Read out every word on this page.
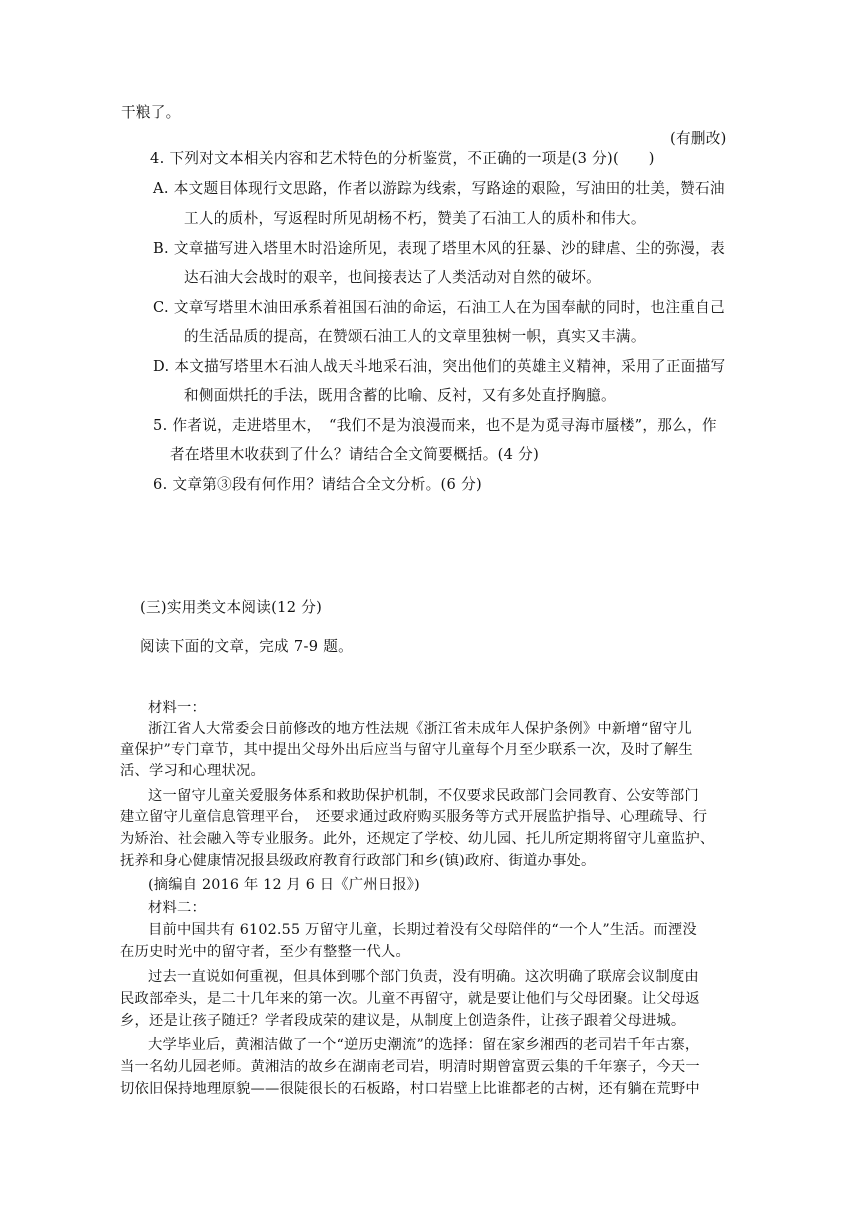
干粮了。
(有删改)
4. 下列对文本相关内容和艺术特色的分析鉴赏，不正确的一项是(3 分)(　　)
A. 本文题目体现行文思路，作者以游踪为线索，写路途的艰险，写油田的壮美，赞石油
工人的质朴，写返程时所见胡杨不朽，赞美了石油工人的质朴和伟大。
B. 文章描写进入塔里木时沿途所见，表现了塔里木风的狂暴、沙的肆虐、尘的弥漫，表
达石油大会战时的艰辛，也间接表达了人类活动对自然的破坏。
C. 文章写塔里木油田承系着祖国石油的命运，石油工人在为国奉献的同时，也注重自己
的生活品质的提高，在赞颂石油工人的文章里独树一帜，真实又丰满。
D. 本文描写塔里木石油人战天斗地采石油，突出他们的英雄主义精神，采用了正面描写
和侧面烘托的手法，既用含蓄的比喻、反衬，又有多处直抒胸臆。
5. 作者说，走进塔里木，　“我们不是为浪漫而来，也不是为觅寻海市蜃楼”，那么，作
者在塔里木收获到了什么？请结合全文简要概括。(4 分)
6. 文章第③段有何作用？请结合全文分析。(6 分)
(三)实用类文本阅读(12 分)
阅读下面的文章，完成 7-9 题。
材料一：
浙江省人大常委会日前修改的地方性法规《浙江省未成年人保护条例》中新增“留守儿
童保护”专门章节，其中提出父母外出后应当与留守儿童每个月至少联系一次，及时了解生
活、学习和心理状况。
这一留守儿童关爱服务体系和救助保护机制，不仅要求民政部门会同教育、公安等部门
建立留守儿童信息管理平台，　还要求通过政府购买服务等方式开展监护指导、心理疏导、行
为矫治、社会融入等专业服务。此外，还规定了学校、幼儿园、托儿所定期将留守儿童监护、
抚养和身心健康情况报县级政府教育行政部门和乡(镇)政府、街道办事处。
(摘编自 2016 年 12 月 6 日《广州日报》)
材料二：
目前中国共有 6102.55 万留守儿童，长期过着没有父母陪伴的“一个人”生活。而湮没
在历史时光中的留守者，至少有整整一代人。
过去一直说如何重视，但具体到哪个部门负责，没有明确。这次明确了联席会议制度由
民政部牵头，是二十几年来的第一次。儿童不再留守，就是要让他们与父母团聚。让父母返
乡，还是让孩子随迁？学者段成荣的建议是，从制度上创造条件，让孩子跟着父母进城。
大学毕业后，黄湘洁做了一个“逆历史潮流”的选择：留在家乡湘西的老司岩千年古寨，
当一名幼儿园老师。黄湘洁的故乡在湖南老司岩，明清时期曾富贾云集的千年寨子，今天一
切依旧保持地理原貌——很陡很长的石板路，村口岩壁上比谁都老的古树，还有躺在荒野中
